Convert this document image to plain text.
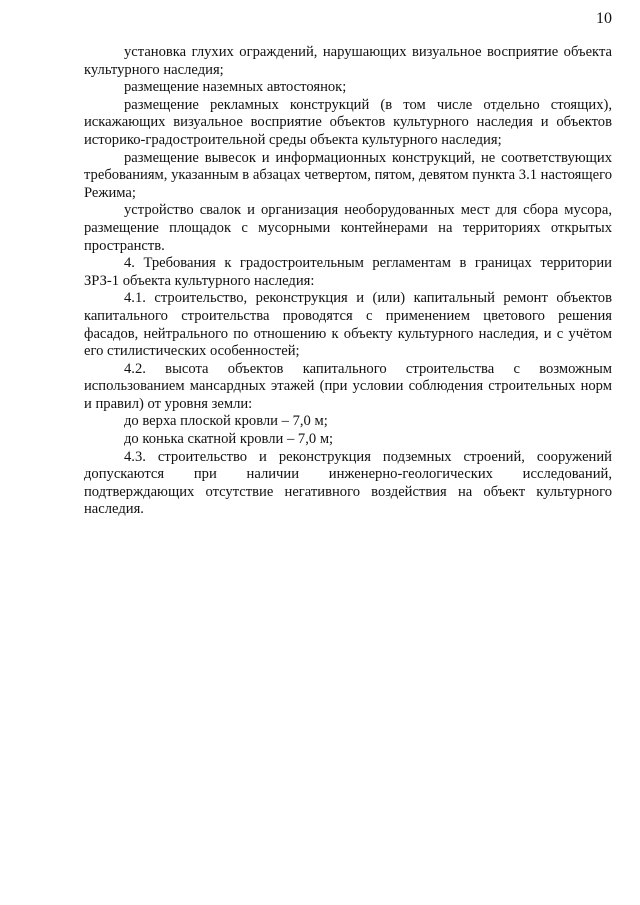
10

установка глухих ограждений, нарушающих визуальное восприятие объекта культурного наследия;

размещение наземных автостоянок;

размещение рекламных конструкций (в том числе отдельно стоящих), искажающих визуальное восприятие объектов культурного наследия и объектов историко-градостроительной среды объекта культурного наследия;

размещение вывесок и информационных конструкций, не соответствующих требованиям, указанным в абзацах четвертом, пятом, девятом пункта 3.1 настоящего Режима;

устройство свалок и организация необорудованных мест для сбора мусора, размещение площадок с мусорными контейнерами на территориях открытых пространств.

4. Требования к градостроительным регламентам в границах территории ЗРЗ-1 объекта культурного наследия:

4.1. строительство, реконструкция и (или) капитальный ремонт объектов капитального строительства проводятся с применением цветового решения фасадов, нейтрального по отношению к объекту культурного наследия, и с учётом его стилистических особенностей;

4.2. высота объектов капитального строительства с возможным использованием мансардных этажей (при условии соблюдения строительных норм и правил) от уровня земли:

до верха плоской кровли – 7,0 м;

до конька скатной кровли – 7,0 м;

4.3. строительство и реконструкция подземных строений, сооружений допускаются при наличии инженерно-геологических исследований, подтверждающих отсутствие негативного воздействия на объект культурного наследия.
